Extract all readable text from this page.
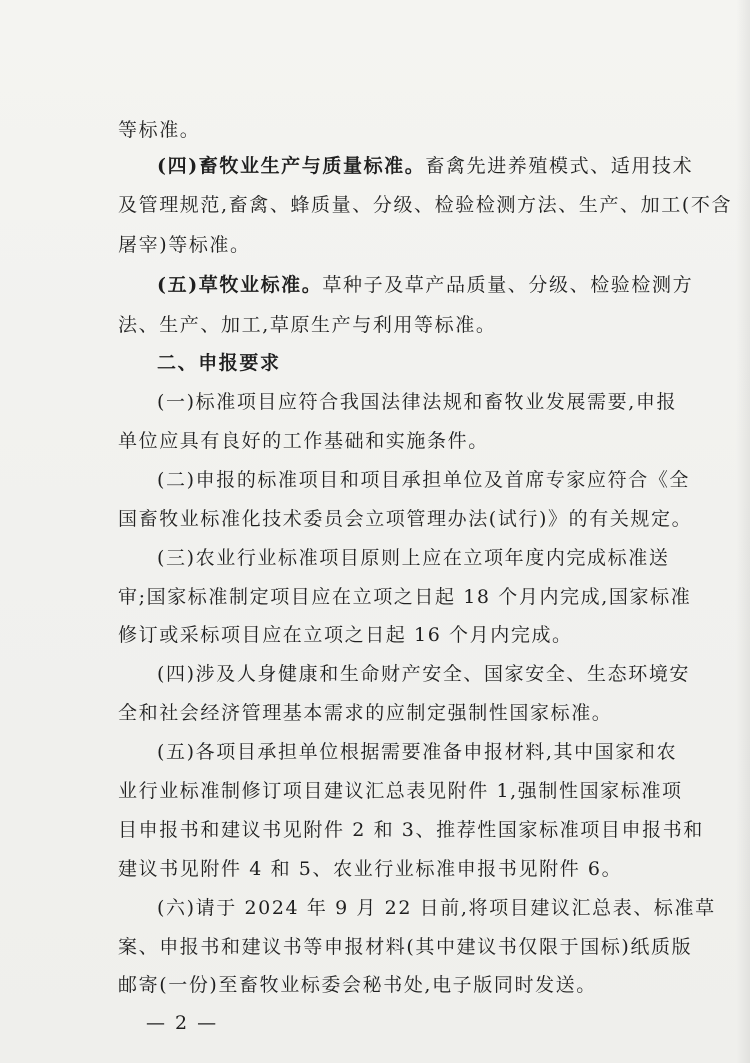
等标准。
(四)畜牧业生产与质量标准。畜禽先进养殖模式、适用技术
及管理规范,畜禽、蜂质量、分级、检验检测方法、生产、加工(不含
屠宰)等标准。
(五)草牧业标准。草种子及草产品质量、分级、检验检测方
法、生产、加工,草原生产与利用等标准。
二、申报要求
(一)标准项目应符合我国法律法规和畜牧业发展需要,申报
单位应具有良好的工作基础和实施条件。
(二)申报的标准项目和项目承担单位及首席专家应符合《全
国畜牧业标准化技术委员会立项管理办法(试行)》的有关规定。
(三)农业行业标准项目原则上应在立项年度内完成标准送
审;国家标准制定项目应在立项之日起 18 个月内完成,国家标准
修订或采标项目应在立项之日起 16 个月内完成。
(四)涉及人身健康和生命财产安全、国家安全、生态环境安
全和社会经济管理基本需求的应制定强制性国家标准。
(五)各项目承担单位根据需要准备申报材料,其中国家和农
业行业标准制修订项目建议汇总表见附件 1,强制性国家标准项
目申报书和建议书见附件 2 和 3、推荐性国家标准项目申报书和
建议书见附件 4 和 5、农业行业标准申报书见附件 6。
(六)请于 2024 年 9 月 22 日前,将项目建议汇总表、标准草
案、申报书和建议书等申报材料(其中建议书仅限于国标)纸质版
邮寄(一份)至畜牧业标委会秘书处,电子版同时发送。
— 2 —
